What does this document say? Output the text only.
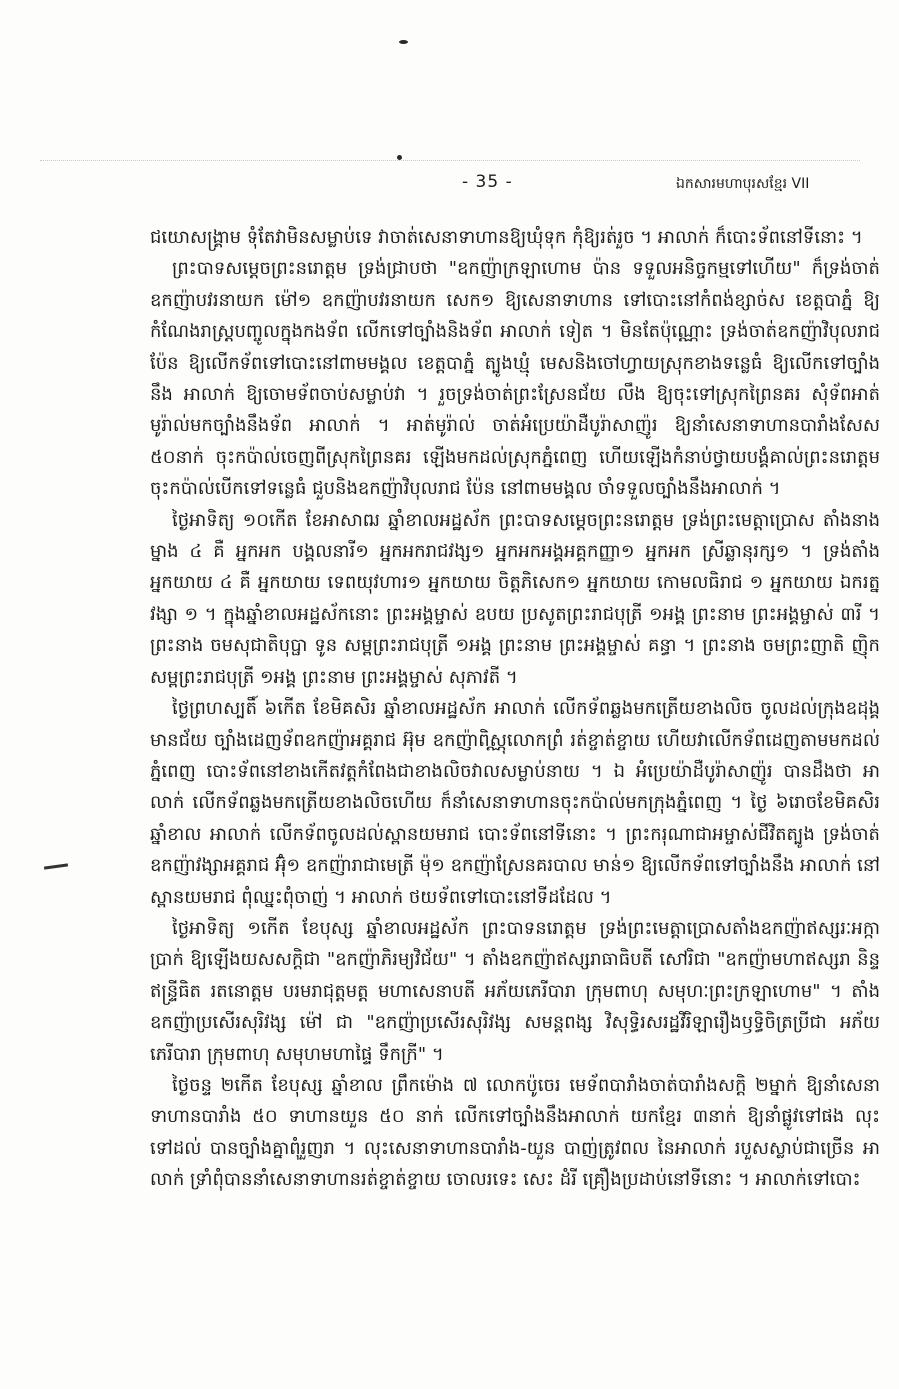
- 35 -	ឯកសារមហាបុរសខ្មែរ VII

ជយោសង្គ្រាម ទុំតែវាមិនសម្លាប់ទេ វាចាត់សេនាទាហានឱ្យឃុំទុក កុំឱ្យរត់រួច ។ អាលាក់ ក៏បោះទ័ពនៅទីនោះ ។

ព្រះបាទសម្តេចព្រះនរោត្តម ទ្រង់ជ្រាបថា "ឧកញ៉ាក្រឡាហោម ប៉ាន ទទួលអនិច្ចកម្មទៅហើយ" ក៏ទ្រង់ចាត់ឧកញ៉ាបវរនាយក ម៉ៅ១ ឧកញ៉ាបវរនាយក សេក១ ឱ្យសេនាទាហាន ទៅបោះនៅកំពង់ខ្សាច់ស ខេត្តបាភ្នំ ឱ្យកំណែងរាស្ត្របញ្ចូលក្នុងកងទ័ព លើកទៅច្បាំងនិងទ័ព អាលាក់ ទៀត ។ មិនតែប៉ុណ្ណោះ ទ្រង់ចាត់ឧកញ៉ាវិបុលរាជ ប៉ែន ឱ្យលើកទ័ពទៅបោះនៅពាមមង្គល ខេត្តបាភ្នំ ត្បូងឃ្មុំ មេសនិងចៅហ្វាយស្រុកខាងទន្លេធំ ឱ្យលើកទៅច្បាំងនឹង អាលាក់ ឱ្យចោមទ័ពចាប់សម្លាប់វា ។ រួចទ្រង់ចាត់ព្រះស្រែនជ័យ លឹង ឱ្យចុះទៅស្រុកព្រៃនគរ សុំទ័ពអាត់មូរ៉ាល់មកច្បាំងនឹងទ័ព អាលាក់ ។ អាត់មូរ៉ាល់ ចាត់អំប្រេយ៉ាដឺបូរ៉ាសាញ៉ូរ ឱ្យនាំសេនាទាហានបារាំងសែស ៥០នាក់ ចុះកប៉ាល់ចេញពីស្រុកព្រៃនគរ ឡើងមកដល់ស្រុកភ្នំពេញ ហើយឡើងកំនាប់ថ្វាយបង្គំគាល់ព្រះនរោត្តមចុះកប៉ាល់បើកទៅទន្លេធំ ជួបនិងឧកញ៉ាវិបុលរាជ ប៉ែន នៅពាមមង្គល ចាំទទួលច្បាំងនឹងអាលាក់ ។

ថ្ងៃអាទិត្យ ១០កើត ខែអាសាឍ ឆ្នាំខាលអដ្ឋស័ក ព្រះបាទសម្តេចព្រះនរោត្តម ទ្រង់ព្រះមេត្តាប្រោស តាំងនាងម្នាង ៤ គឺ អ្នកអក បង្គលនារី១ អ្នកអករាជវង្ស១ អ្នកអកអង្គអគ្គកញ្ញា១ អ្នកអក ស្រីឆ្លានុរក្ស១ ។ ទ្រង់តាំងអ្នកយាយ ៤ គឺ អ្នកយាយ ទេពយុវហារ១ អ្នកយាយ ចិត្តភិសេក១ អ្នកយាយ កោមលធិរាជ ១ អ្នកយាយ ឯករត្នវង្សា ១ ។ ក្នុងឆ្នាំខាលអដ្ឋស័កនោះ ព្រះអង្គម្ចាស់ ឧបយ ប្រសូតព្រះរាជបុត្រី ១អង្គ ព្រះនាម ព្រះអង្គម្ចាស់ ៣រី ។ ព្រះនាង ចមសុជាតិបុប្ផា ទូន សម្ពព្រះរាជបុត្រី ១អង្គ ព្រះនាម ព្រះអង្គម្ចាស់ គន្ធា ។ ព្រះនាង ចមព្រះញាតិ ញ៉ិក សម្ពព្រះរាជបុត្រី ១អង្គ ព្រះនាម ព្រះអង្គម្ចាស់ សុភាវតី ។

ថ្ងៃព្រហស្បតិ៍ ៦កើត ខែមិគសិរ ឆ្នាំខាលអដ្ឋស័ក អាលាក់ លើកទ័ពឆ្លងមកត្រើយខាងលិច ចូលដល់ក្រុងឧដុង្គមានជ័យ ច្បាំងដេញទ័ពឧកញ៉ាអគ្គរាជ អ៊ុម ឧកញ៉ាពិស្ណុលោកព្រំ រត់ខ្ចាត់ខ្ចាយ ហើយវាលើកទ័ពដេញតាមមកដល់ភ្នំពេញ បោះទ័ពនៅខាងកើតវត្តកំពែងជាខាងលិចវាលសម្លាប់នាយ ។ ឯ អំប្រេយ៉ាដឺបូរ៉ាសាញ៉ូរ បានដឹងថា អាលាក់ លើកទ័ពឆ្លងមកត្រើយខាងលិចហើយ ក៏នាំសេនាទាហានចុះកប៉ាល់មកក្រុងភ្នំពេញ ។ ថ្ងៃ ៦រោចខែមិគសិរ ឆ្នាំខាល អាលាក់ លើកទ័ពចូលដល់ស្ពានយមរាជ បោះទ័ពនៅទីនោះ ។ ព្រះករុណាជាអម្ចាស់ជីវិតត្បូង ទ្រង់ចាត់ឧកញ៉ាវង្សាអគ្គរាជ អ៊ុំ១ ឧកញ៉ារាជាមេត្រី ម៉ុ១ ឧកញ៉ាស្រែនគរបាល មាន់១ ឱ្យលើកទ័ពទៅច្បាំងនឹង អាលាក់ នៅស្ពានយមរាជ ពុំឈ្នះពុំចាញ់ ។ អាលាក់ ថយទ័ពទៅបោះនៅទីដដែល ។

ថ្ងៃអាទិត្យ ១កើត ខែបុស្ស ឆ្នាំខាលអដ្ឋស័ក ព្រះបាទនរោត្តម ទ្រង់ព្រះមេត្តាប្រោសតាំងឧកញ៉ាឥស្សរៈអក្កា ប្រាក់ ឱ្យឡើងយសសក្តិជា "ឧកញ៉ាភិរម្យវិជ័យ" ។ តាំងឧកញ៉ាឥស្សរាធាធិបតី សៅរិជា "ឧកញ៉ាមហាឥស្សរា និន្ទ ឥន្ទ្រីធិត រតនោត្តម បរមរាជុត្តមត្ត មហាសេនាបតី អភ័យភេរីបារា ក្រុមពាហុ សមុហៈព្រះក្រឡាហោម" ។ តាំងឧកញ៉ាប្រសើរសុរិវង្ស ម៉ៅ ជា "ឧកញ៉ាប្រសើរសុរិវង្ស សមន្តពង្ស វិសុទ្ធិរសរដ្ឋវិរិឡារឿងឫទ្ធិចិត្រប្រីជា អភ័យភេរីបារា ក្រុមពាហុ សមុហមហាផ្ទៃ ទឹកក្រី" ។

ថ្ងៃចន្ទ ២កើត ខែបុស្ស ឆ្នាំខាល ព្រឹកម៉ោង ៧ លោកប៉ូចេរ មេទ័ពបារាំងចាត់បារាំងសក្តិ ២ម្នាក់ ឱ្យនាំសេនាទាហានបារាំង ៥០ ទាហានយួន ៥០ នាក់ លើកទៅច្បាំងនឹងអាលាក់ យកខ្មែរ ៣នាក់ ឱ្យនាំផ្លូវទៅផង លុះទៅដល់ បានច្បាំងគ្នាពុំរួញរា ។ លុះសេនាទាហានបារាំង-យួន បាញ់ត្រូវពល នៃអាលាក់ របួសស្លាប់ជាច្រើន អាលាក់ ទ្រាំពុំបាននាំសេនាទាហានរត់ខ្ចាត់ខ្ចាយ ចោលរទេះ សេះ ដំរី គ្រឿងប្រដាប់នៅទីនោះ ។ អាលាក់ទៅបោះ
